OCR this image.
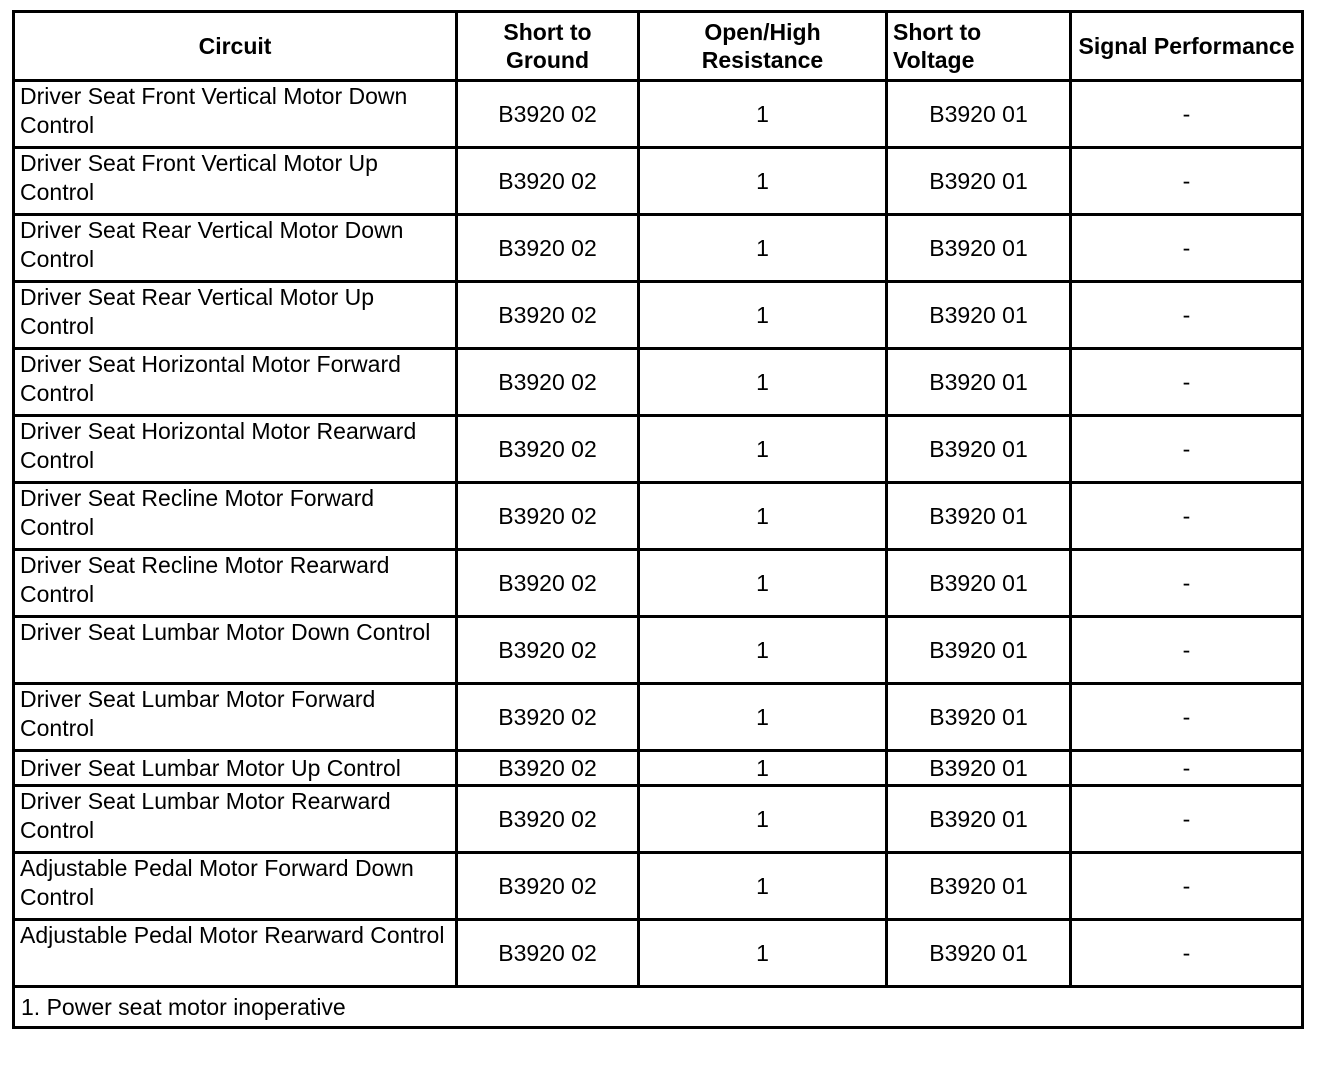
Circuit	Short to Ground	Open/High Resistance	Short to Voltage	Signal Performance
Driver Seat Front Vertical Motor Down Control	B3920 02	1	B3920 01	-
Driver Seat Front Vertical Motor Up Control	B3920 02	1	B3920 01	-
Driver Seat Rear Vertical Motor Down Control	B3920 02	1	B3920 01	-
Driver Seat Rear Vertical Motor Up Control	B3920 02	1	B3920 01	-
Driver Seat Horizontal Motor Forward Control	B3920 02	1	B3920 01	-
Driver Seat Horizontal Motor Rearward Control	B3920 02	1	B3920 01	-
Driver Seat Recline Motor Forward Control	B3920 02	1	B3920 01	-
Driver Seat Recline Motor Rearward Control	B3920 02	1	B3920 01	-
Driver Seat Lumbar Motor Down Control	B3920 02	1	B3920 01	-
Driver Seat Lumbar Motor Forward Control	B3920 02	1	B3920 01	-
Driver Seat Lumbar Motor Up Control	B3920 02	1	B3920 01	-
Driver Seat Lumbar Motor Rearward Control	B3920 02	1	B3920 01	-
Adjustable Pedal Motor Forward Down Control	B3920 02	1	B3920 01	-
Adjustable Pedal Motor Rearward Control	B3920 02	1	B3920 01	-
1. Power seat motor inoperative				
